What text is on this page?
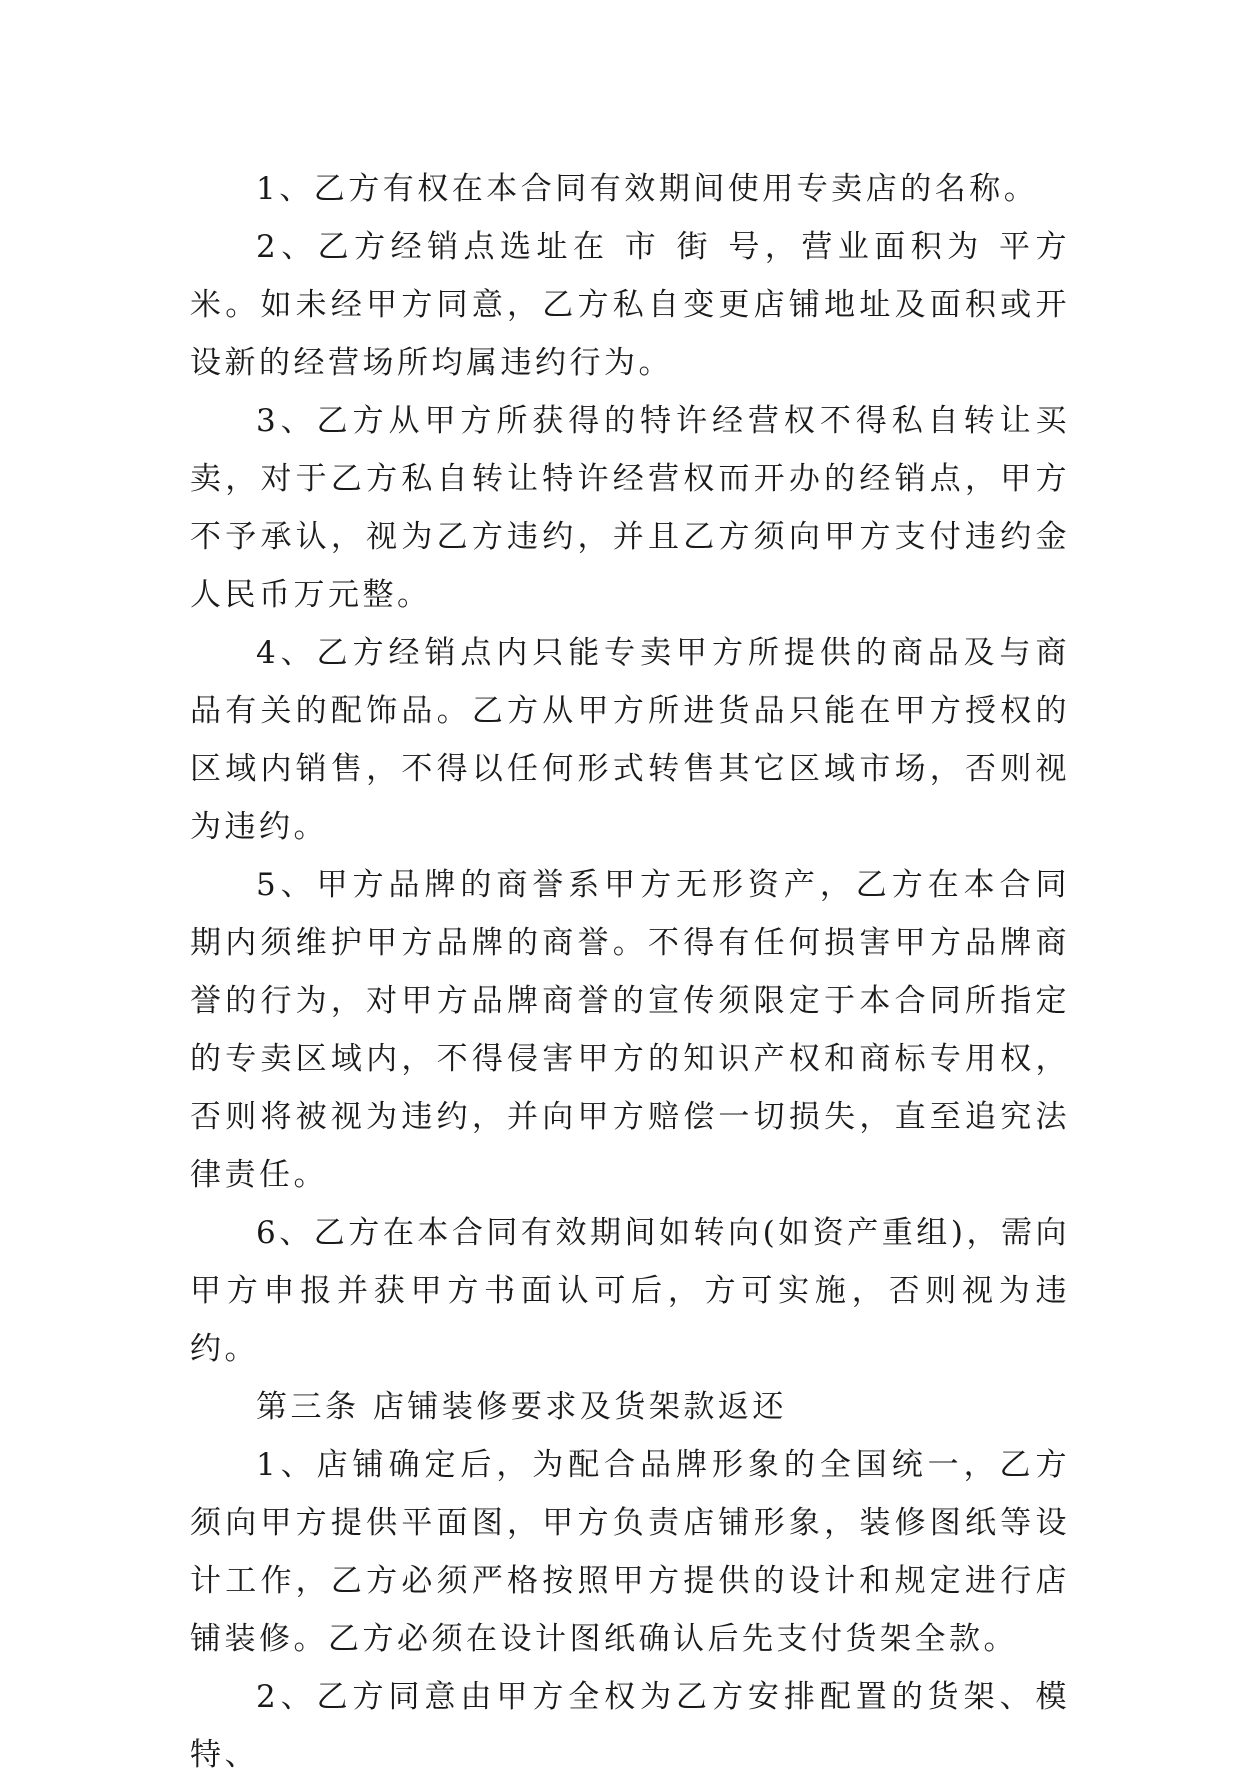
1、乙方有权在本合同有效期间使用专卖店的名称。

2、乙方经销点选址在 市 街 号，营业面积为 平方米。如未经甲方同意，乙方私自变更店铺地址及面积或开设新的经营场所均属违约行为。

3、乙方从甲方所获得的特许经营权不得私自转让买卖，对于乙方私自转让特许经营权而开办的经销点，甲方不予承认，视为乙方违约，并且乙方须向甲方支付违约金人民币万元整。

4、乙方经销点内只能专卖甲方所提供的商品及与商品有关的配饰品。乙方从甲方所进货品只能在甲方授权的区域内销售，不得以任何形式转售其它区域市场，否则视为违约。

5、甲方品牌的商誉系甲方无形资产，乙方在本合同期内须维护甲方品牌的商誉。不得有任何损害甲方品牌商誉的行为，对甲方品牌商誉的宣传须限定于本合同所指定的专卖区域内，不得侵害甲方的知识产权和商标专用权，否则将被视为违约，并向甲方赔偿一切损失，直至追究法律责任。

6、乙方在本合同有效期间如转向(如资产重组)，需向甲方申报并获甲方书面认可后，方可实施，否则视为违约。

第三条 店铺装修要求及货架款返还

1、店铺确定后，为配合品牌形象的全国统一，乙方须向甲方提供平面图，甲方负责店铺形象，装修图纸等设计工作，乙方必须严格按照甲方提供的设计和规定进行店铺装修。乙方必须在设计图纸确认后先支付货架全款。

2、乙方同意由甲方全权为乙方安排配置的货架、模特、
